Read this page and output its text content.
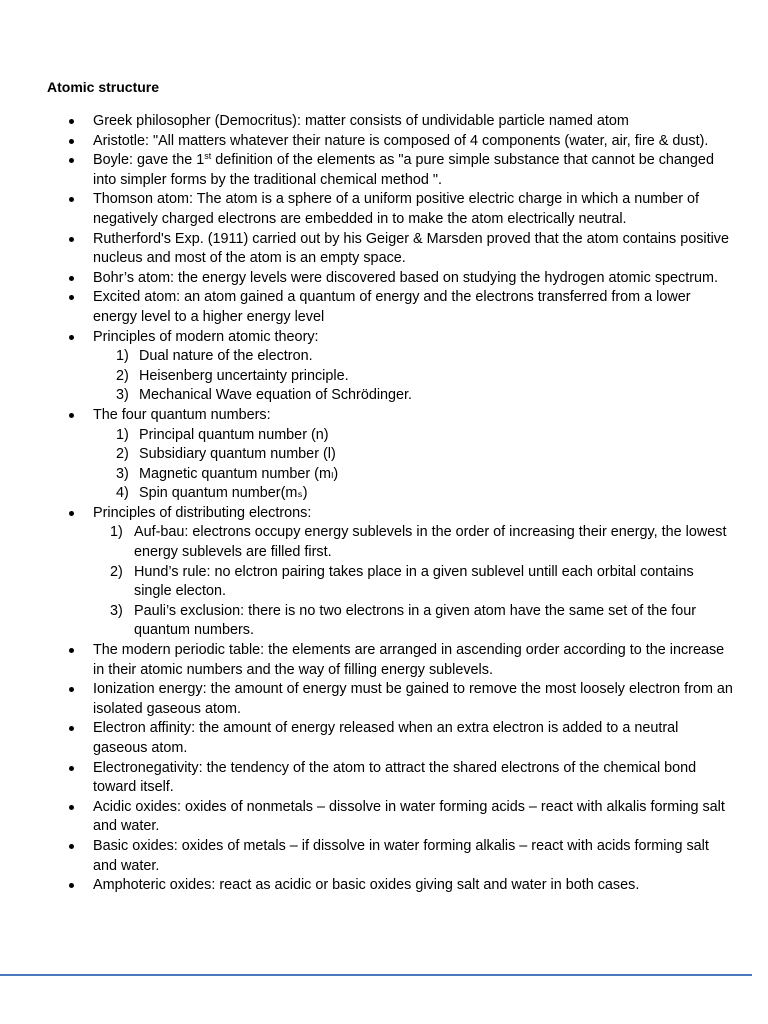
Atomic structure
Greek philosopher (Democritus): matter consists of undividable particle named atom
Aristotle: "All matters whatever their nature is composed of 4 components (water, air, fire & dust).
Boyle: gave the 1st definition of the elements as "a pure simple substance that cannot be changed into simpler forms by the traditional chemical method ".
Thomson atom: The atom is a sphere of a uniform positive electric charge in which a number of negatively charged electrons are embedded in to make the atom electrically neutral.
Rutherford's Exp. (1911) carried out by his Geiger & Marsden proved that the atom contains positive nucleus and most of the atom is an empty space.
Bohr’s atom: the energy levels were discovered based on studying the hydrogen atomic spectrum.
Excited atom: an atom gained a quantum of energy and the electrons transferred from a lower energy level to a higher energy level
Principles of modern atomic theory:
1) Dual nature of the electron.
2) Heisenberg uncertainty principle.
3) Mechanical Wave equation of Schrödinger.
The four quantum numbers:
1) Principal quantum number (n)
2) Subsidiary quantum number (l)
3) Magnetic quantum number (mₗ)
4) Spin quantum number(mₛ)
Principles of distributing electrons:
1) Auf-bau: electrons occupy energy sublevels in the order of increasing their energy, the lowest energy sublevels are filled first.
2) Hund’s rule: no elctron pairing takes place in a given sublevel untill each orbital contains single electon.
3) Pauli’s exclusion: there is no two electrons in a given atom have the same set of the four quantum numbers.
The modern periodic table: the elements are arranged in ascending order according to the increase in their atomic numbers and the way of filling energy sublevels.
Ionization energy: the amount of energy must be gained to remove the most loosely electron from an isolated gaseous atom.
Electron affinity: the amount of energy released when an extra electron is added to a neutral gaseous atom.
Electronegativity: the tendency of the atom to attract the shared electrons of the chemical bond toward itself.
Acidic oxides: oxides of nonmetals – dissolve in water forming acids – react with alkalis forming salt and water.
Basic oxides: oxides of metals – if dissolve in water forming alkalis – react with acids forming salt and water.
Amphoteric oxides: react as acidic or basic oxides giving salt and water in both cases.
